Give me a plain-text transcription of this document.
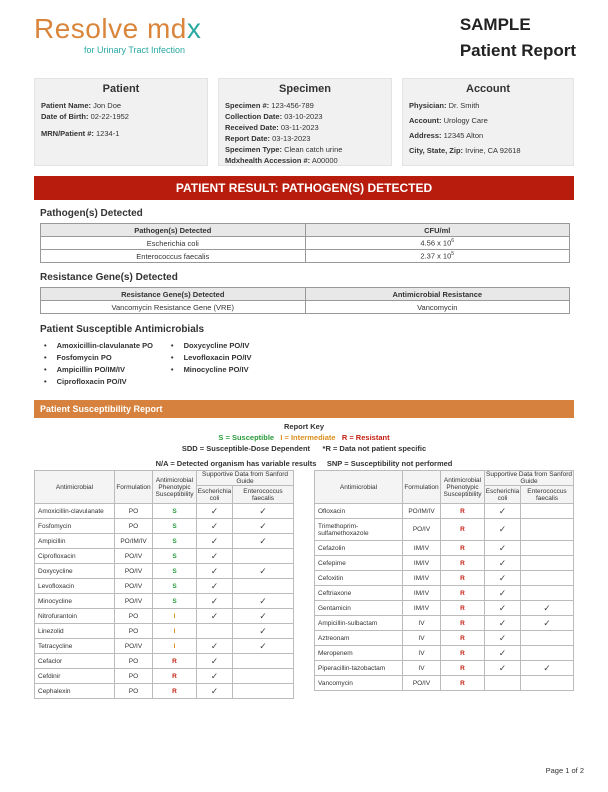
Resolve mdx
for Urinary Tract Infection
SAMPLE
Patient Report
Patient
Patient Name: Jon Doe
Date of Birth: 02-22-1952
MRN/Patient #: 1234-1
Specimen
Specimen #: 123-456-789
Collection Date: 03-10-2023
Received Date: 03-11-2023
Report Date: 03-13-2023
Specimen Type: Clean catch urine
Mdxhealth Accession #: A00000
Account
Physician: Dr. Smith
Account: Urology Care
Address: 12345 Alton
City, State, Zip: Irvine, CA 92618
PATIENT RESULT: PATHOGEN(S) DETECTED
Pathogen(s) Detected
Pathogen(s) Detected	CFU/ml
Escherichia coli	4.56 x $10^6$
Enterococcus faecalis	2.37 x $10^5$
Resistance Gene(s) Detected
Resistance Gene(s) Detected	Antimicrobial Resistance
Vancomycin Resistance Gene (VRE)	Vancomycin
Patient Susceptible Antimicrobials
• Amoxicillin-clavulanate PO
• Fosfomycin PO
• Ampicillin PO/IM/IV
• Ciprofloxacin PO/IV
• Doxycycline PO/IV
• Levofloxacin PO/IV
• Minocycline PO/IV
Patient Susceptibility Report
Report Key
S = Susceptible I = Intermediate R = Resistant
SDD = Susceptible-Dose Dependent *R = Data not patient specific
N/A = Detected organism has variable results SNP = Susceptibility not performed
Antimicrobial	Formulation	Antimicrobial Phenotypic Susceptibility	Supportive Data from Sanford Guide	
			Escherichia coli	Enterococcus faecalis
Amoxicillin-clavulanate	PO	S	✓	✓
Fosfomycin	PO	S	✓	✓
Ampicillin	PO/IM/IV	S	✓	✓
Ciprofloxacin	PO/IV	S	✓	
Doxycycline	PO/IV	S	✓	✓
Levofloxacin	PO/IV	S	✓	
Minocycline	PO/IV	S	✓	✓
Nitrofurantoin	PO	I	✓	✓
Linezolid	PO	I		✓
Tetracycline	PO/IV	I	✓	✓
Cefaclor	PO	R	✓	
Cefdinir	PO	R	✓	
Cephalexin	PO	R	✓	
Antimicrobial	Formulation	Antimicrobial Phenotypic Susceptibility	Supportive Data from Sanford Guide	
			Escherichia coli	Enterococcus faecalis
Ofloxacin	PO/IM/IV	R	✓	
Trimethoprim-sulfamethoxazole	PO/IV	R	✓	
Cefazolin	IM/IV	R	✓	
Cefepime	IM/IV	R	✓	
Cefoxitin	IM/IV	R	✓	
Ceftriaxone	IM/IV	R	✓	
Gentamicin	IM/IV	R	✓	✓
Ampicillin-sulbactam	IV	R	✓	✓
Aztreonam	IV	R	✓	
Meropenem	IV	R	✓	
Piperacillin-tazobactam	IV	R	✓	✓
Vancomycin	PO/IV	R		
Page 1 of 2
